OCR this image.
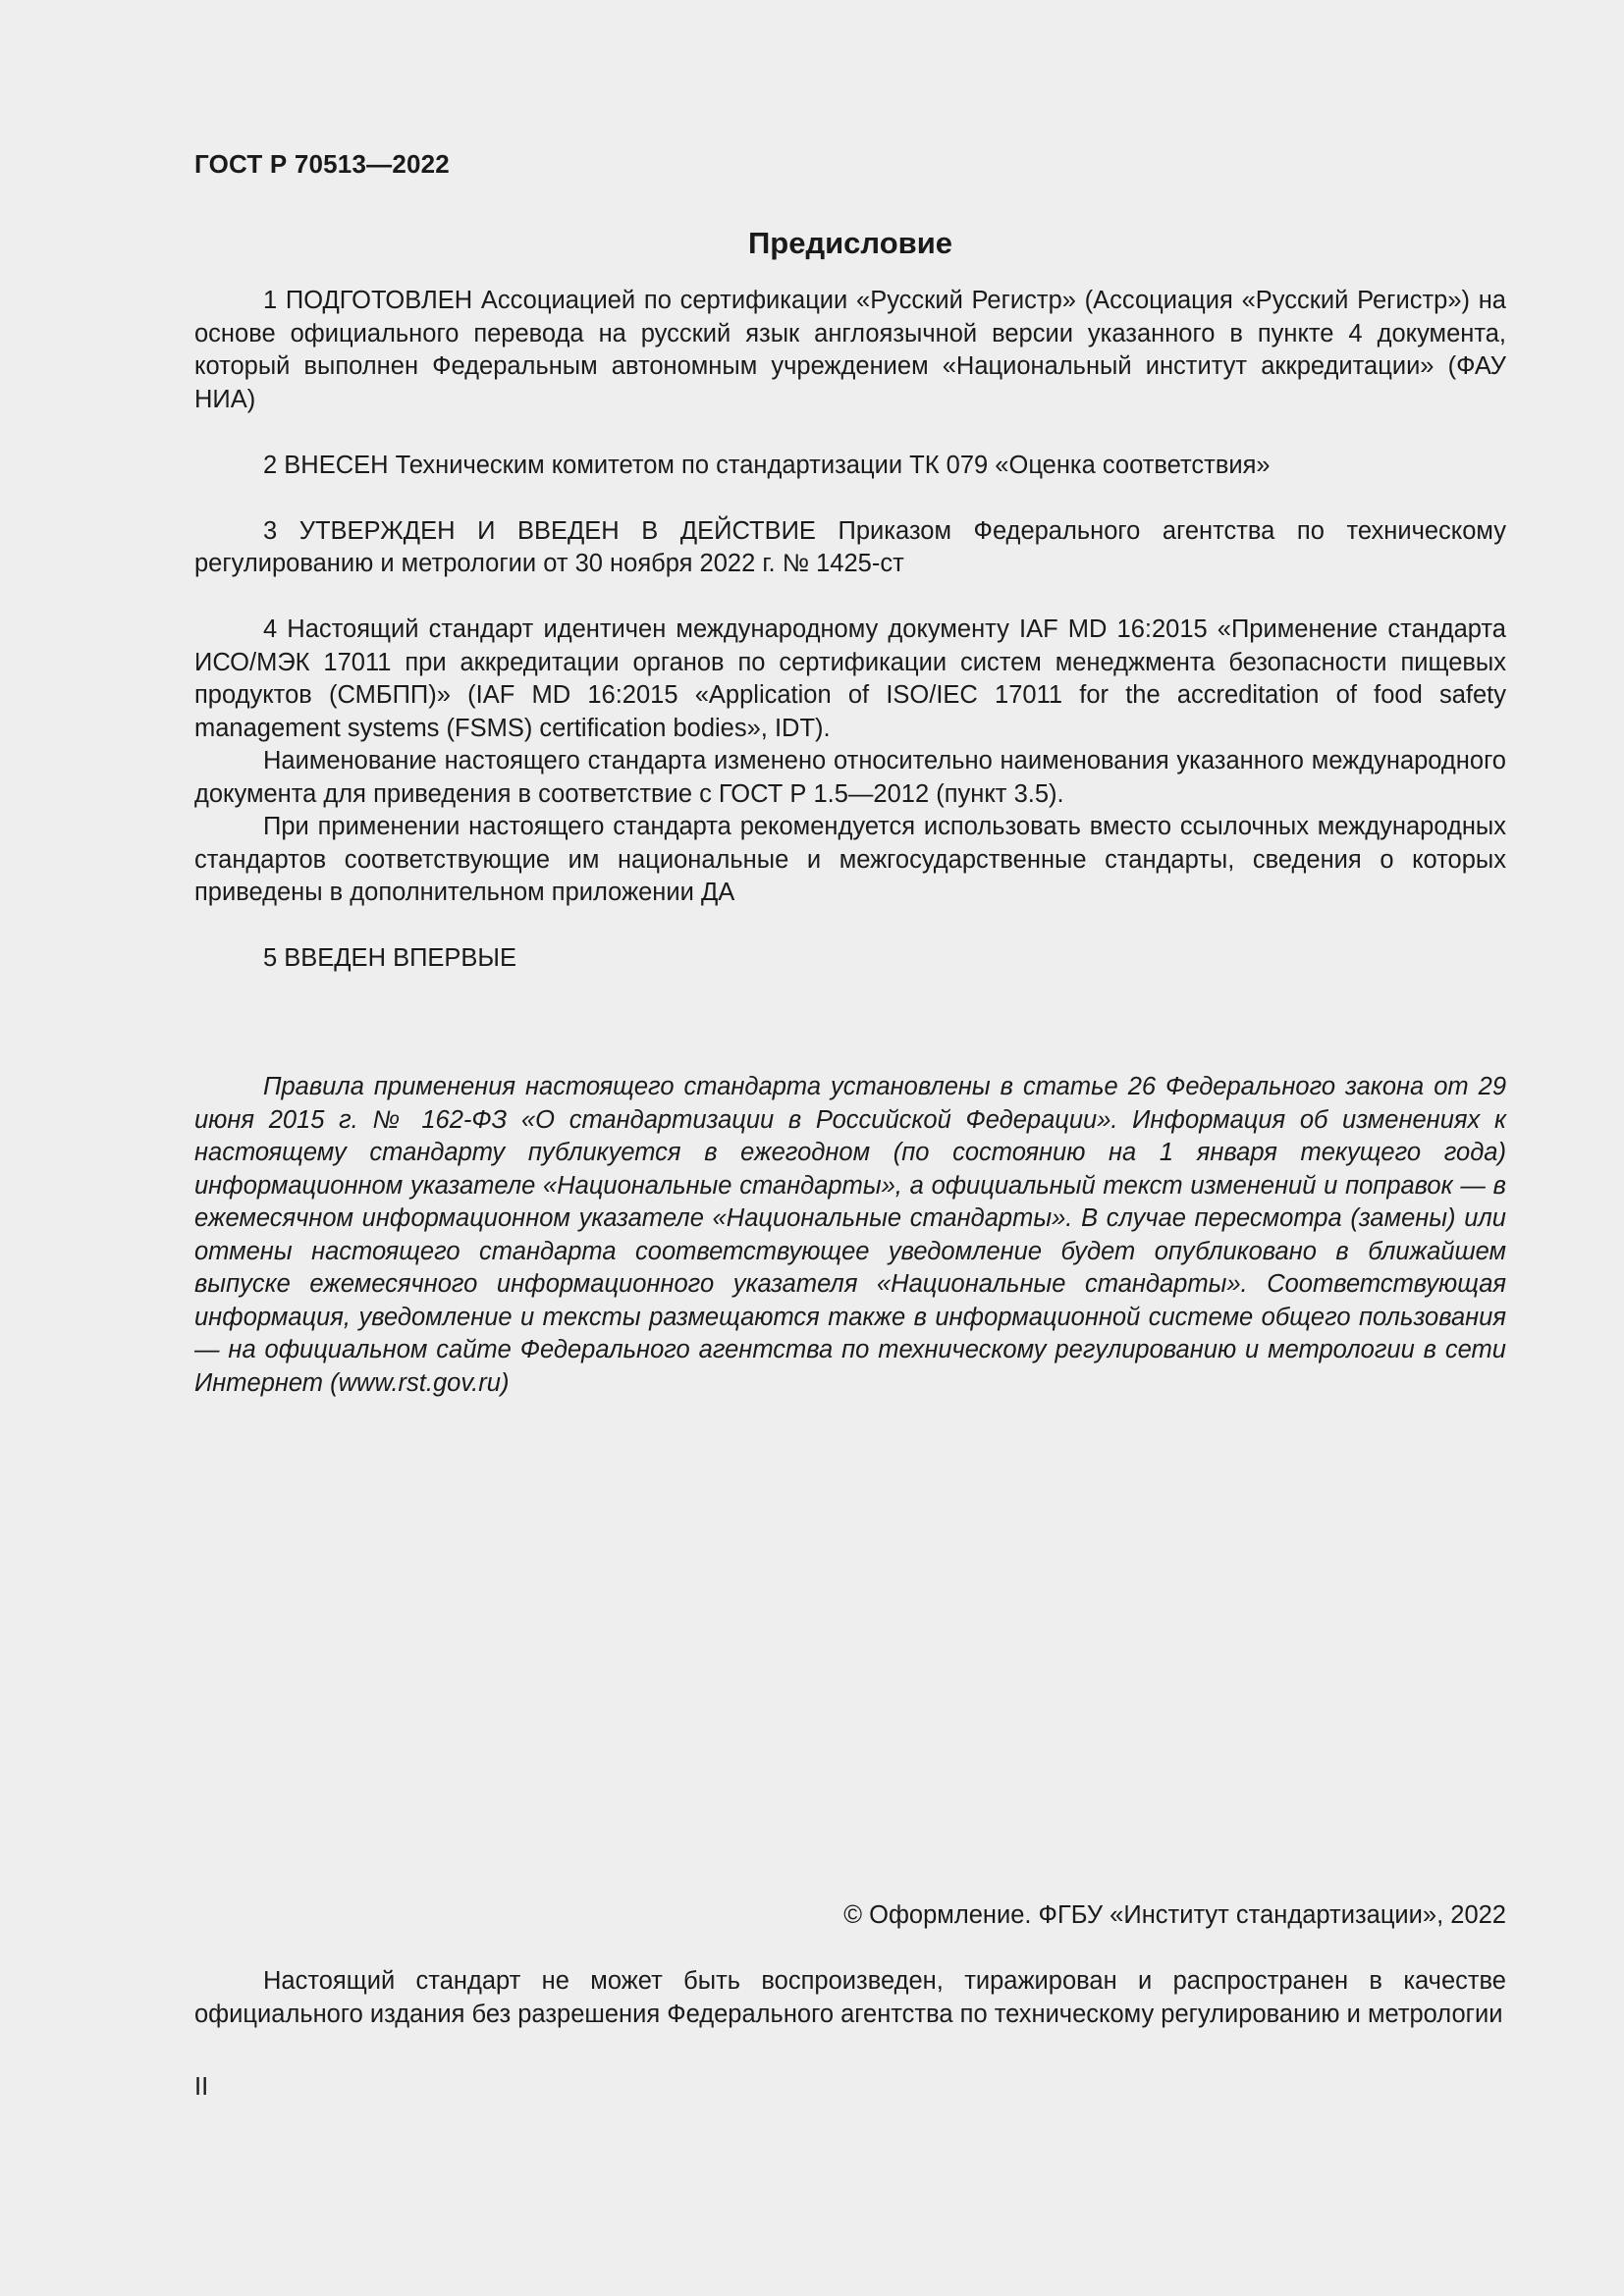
ГОСТ Р 70513—2022
Предисловие

1 ПОДГОТОВЛЕН Ассоциацией по сертификации «Русский Регистр» (Ассоциация «Русский Регистр») на основе официального перевода на русский язык англоязычной версии указанного в пункте 4 документа, который выполнен Федеральным автономным учреждением «Национальный институт аккредитации» (ФАУ НИА)

2 ВНЕСЕН Техническим комитетом по стандартизации ТК 079 «Оценка соответствия»

3 УТВЕРЖДЕН И ВВЕДЕН В ДЕЙСТВИЕ Приказом Федерального агентства по техническому регулированию и метрологии от 30 ноября 2022 г. № 1425-ст

4 Настоящий стандарт идентичен международному документу IAF MD 16:2015 «Применение стандарта ИСО/МЭК 17011 при аккредитации органов по сертификации систем менеджмента безопасности пищевых продуктов (СМБПП)» (IAF MD 16:2015 «Application of ISO/IEC 17011 for the accreditation of food safety management systems (FSMS) certification bodies», IDT).

Наименование настоящего стандарта изменено относительно наименования указанного международного документа для приведения в соответствие с ГОСТ Р 1.5—2012 (пункт 3.5).

При применении настоящего стандарта рекомендуется использовать вместо ссылочных международных стандартов соответствующие им национальные и межгосударственные стандарты, сведения о которых приведены в дополнительном приложении ДА

5 ВВЕДЕН ВПЕРВЫЕ

Правила применения настоящего стандарта установлены в статье 26 Федерального закона от 29 июня 2015 г. № 162-ФЗ «О стандартизации в Российской Федерации». Информация об изменениях к настоящему стандарту публикуется в ежегодном (по состоянию на 1 января текущего года) информационном указателе «Национальные стандарты», а официальный текст изменений и поправок — в ежемесячном информационном указателе «Национальные стандарты». В случае пересмотра (замены) или отмены настоящего стандарта соответствующее уведомление будет опубликовано в ближайшем выпуске ежемесячного информационного указателя «Национальные стандарты». Соответствующая информация, уведомление и тексты размещаются также в информационной системе общего пользования — на официальном сайте Федерального агентства по техническому регулированию и метрологии в сети Интернет (www.rst.gov.ru)

© Оформление. ФГБУ «Институт стандартизации», 2022

Настоящий стандарт не может быть воспроизведен, тиражирован и распространен в качестве официального издания без разрешения Федерального агентства по техническому регулированию и метрологии

II
